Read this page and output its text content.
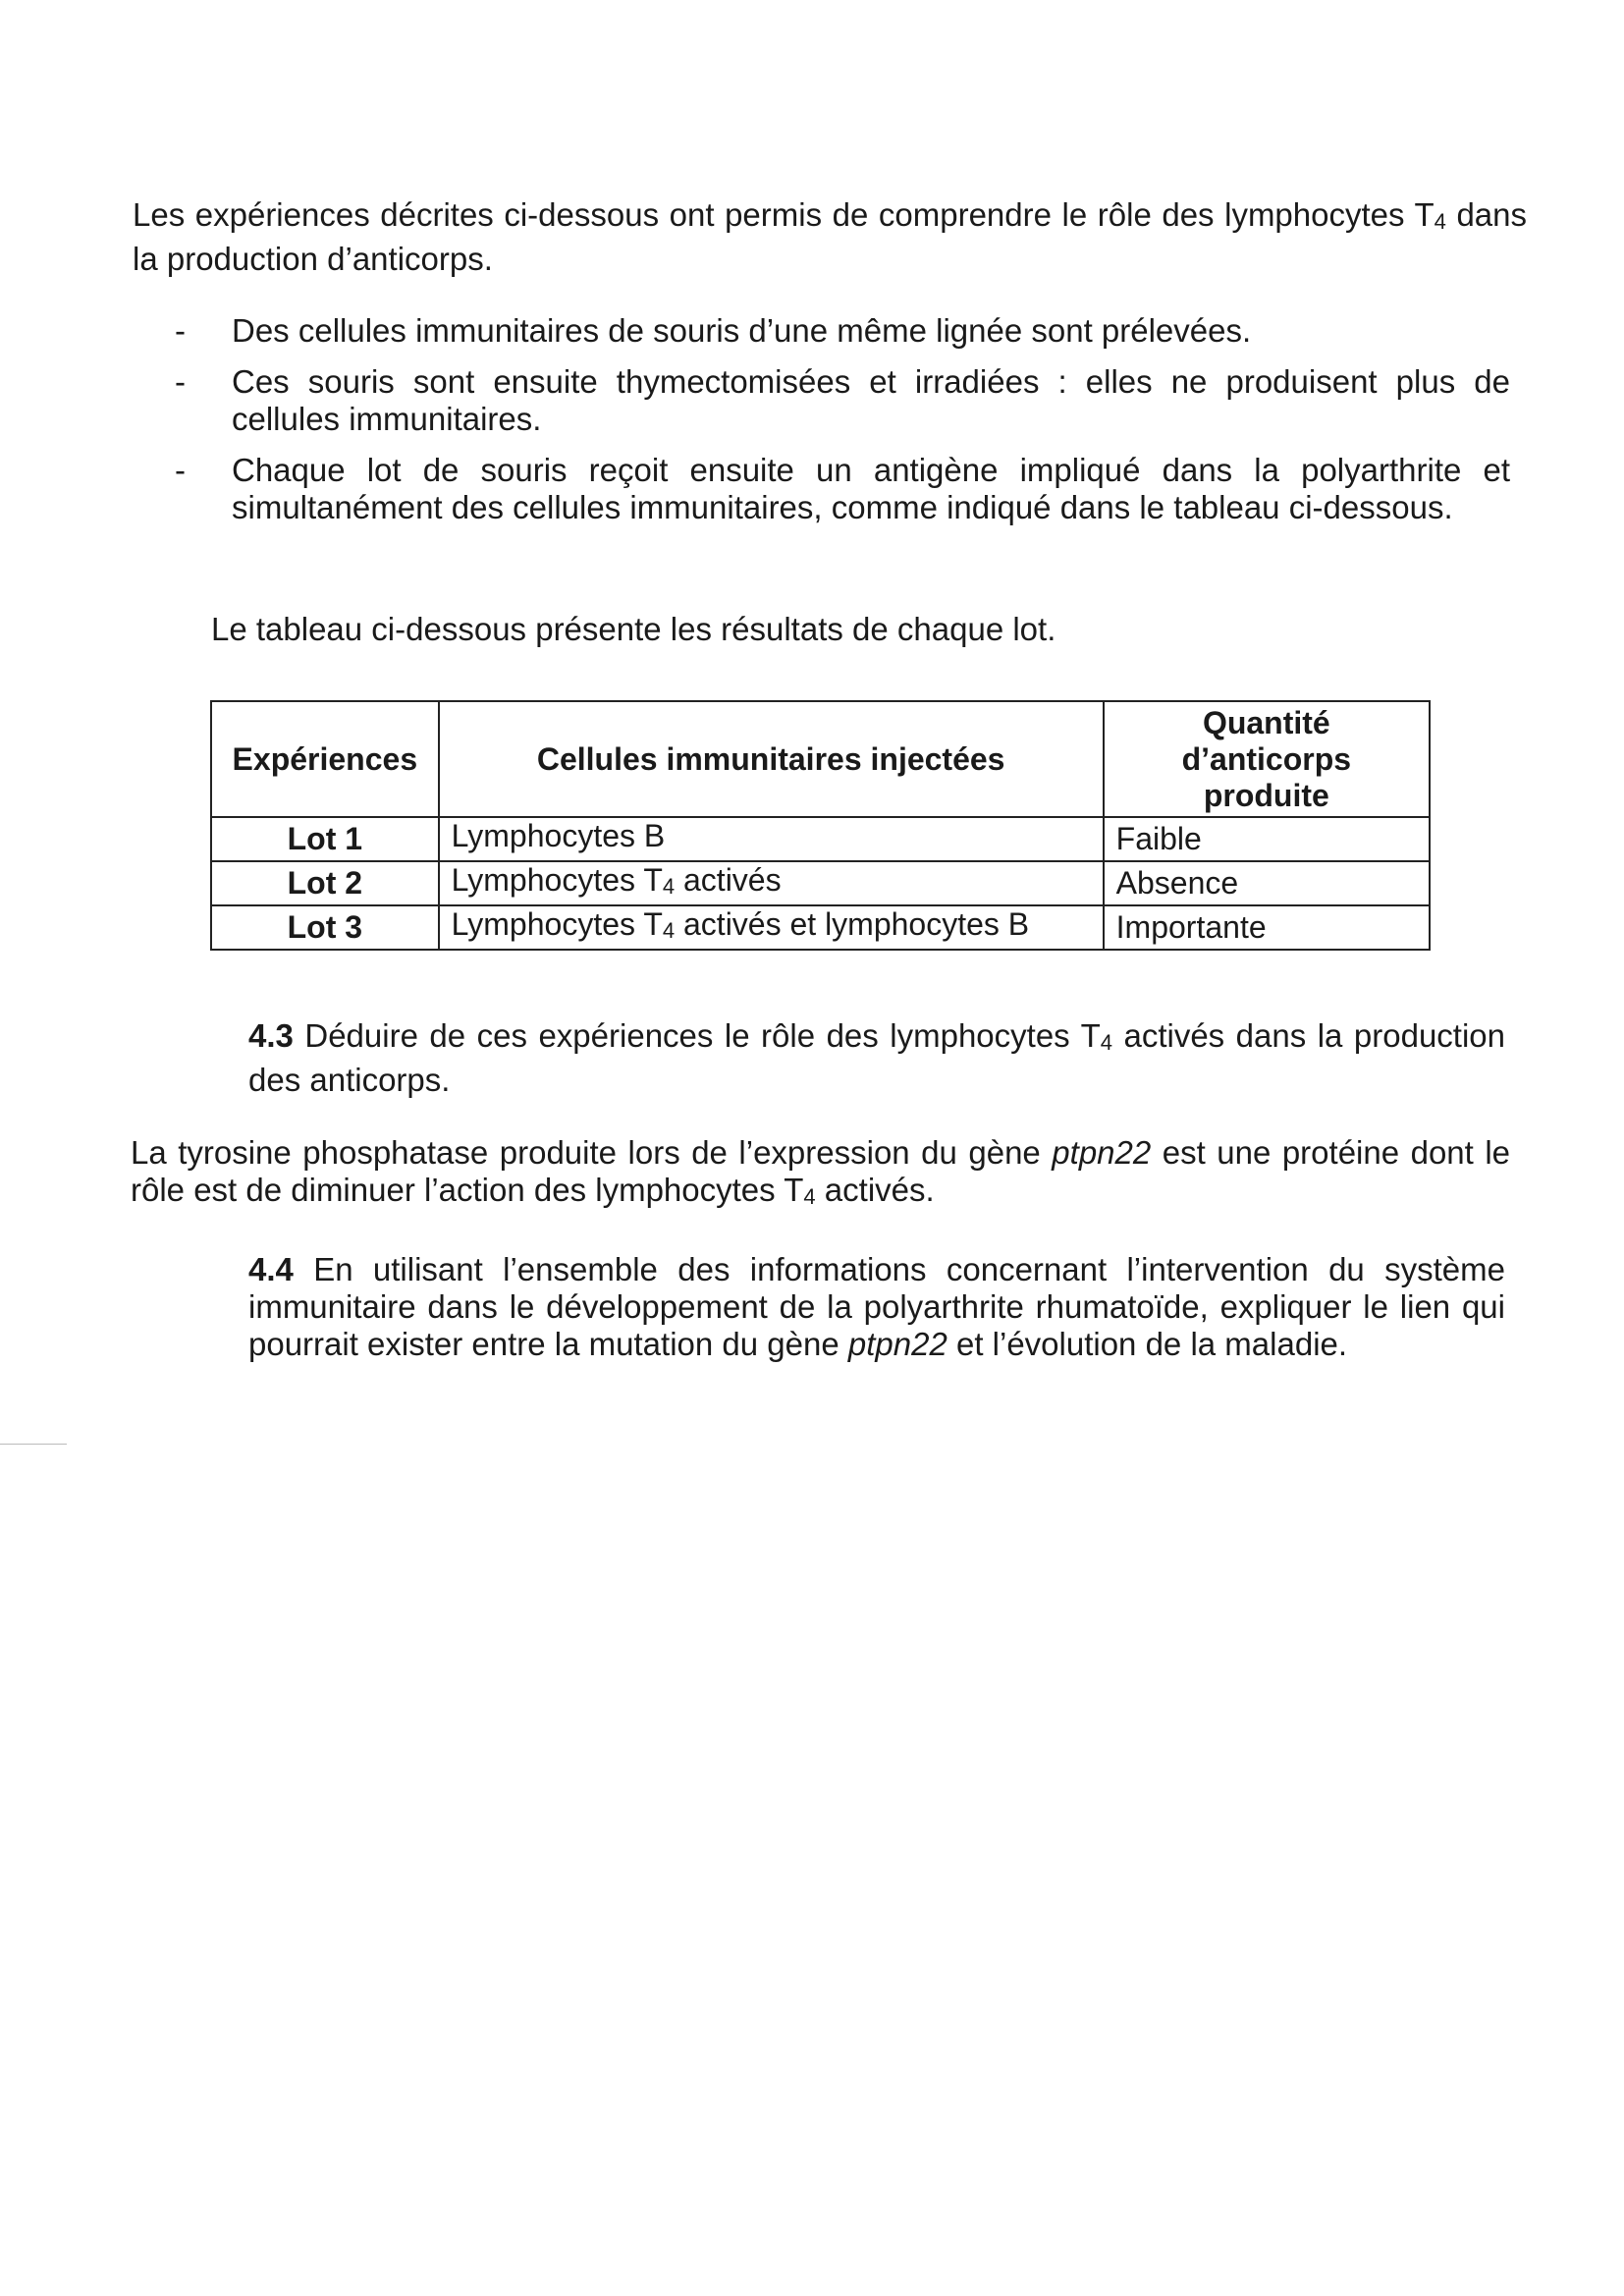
Les expériences décrites ci-dessous ont permis de comprendre le rôle des lymphocytes $T_4$ dans la production d’anticorps.

- Des cellules immunitaires de souris d’une même lignée sont prélevées.
- Ces souris sont ensuite thymectomisées et irradiées : elles ne produisent plus de cellules immunitaires.
- Chaque lot de souris reçoit ensuite un antigène impliqué dans la polyarthrite et simultanément des cellules immunitaires, comme indiqué dans le tableau ci-dessous.

Le tableau ci-dessous présente les résultats de chaque lot.

Expériences	Cellules immunitaires injectées	Quantité d’anticorps produite
Lot 1	Lymphocytes B	Faible
Lot 2	Lymphocytes $T_4$ activés	Absence
Lot 3	Lymphocytes $T_4$ activés et lymphocytes B	Importante
4.3 Déduire de ces expériences le rôle des lymphocytes $T_4$ activés dans la production des anticorps.

La tyrosine phosphatase produite lors de l’expression du gène ptpn22 est une protéine dont le rôle est de diminuer l’action des lymphocytes $T_4$ activés.

4.4 En utilisant l’ensemble des informations concernant l’intervention du système immunitaire dans le développement de la polyarthrite rhumatoïde, expliquer le lien qui pourrait exister entre la mutation du gène ptpn22 et l’évolution de la maladie.
